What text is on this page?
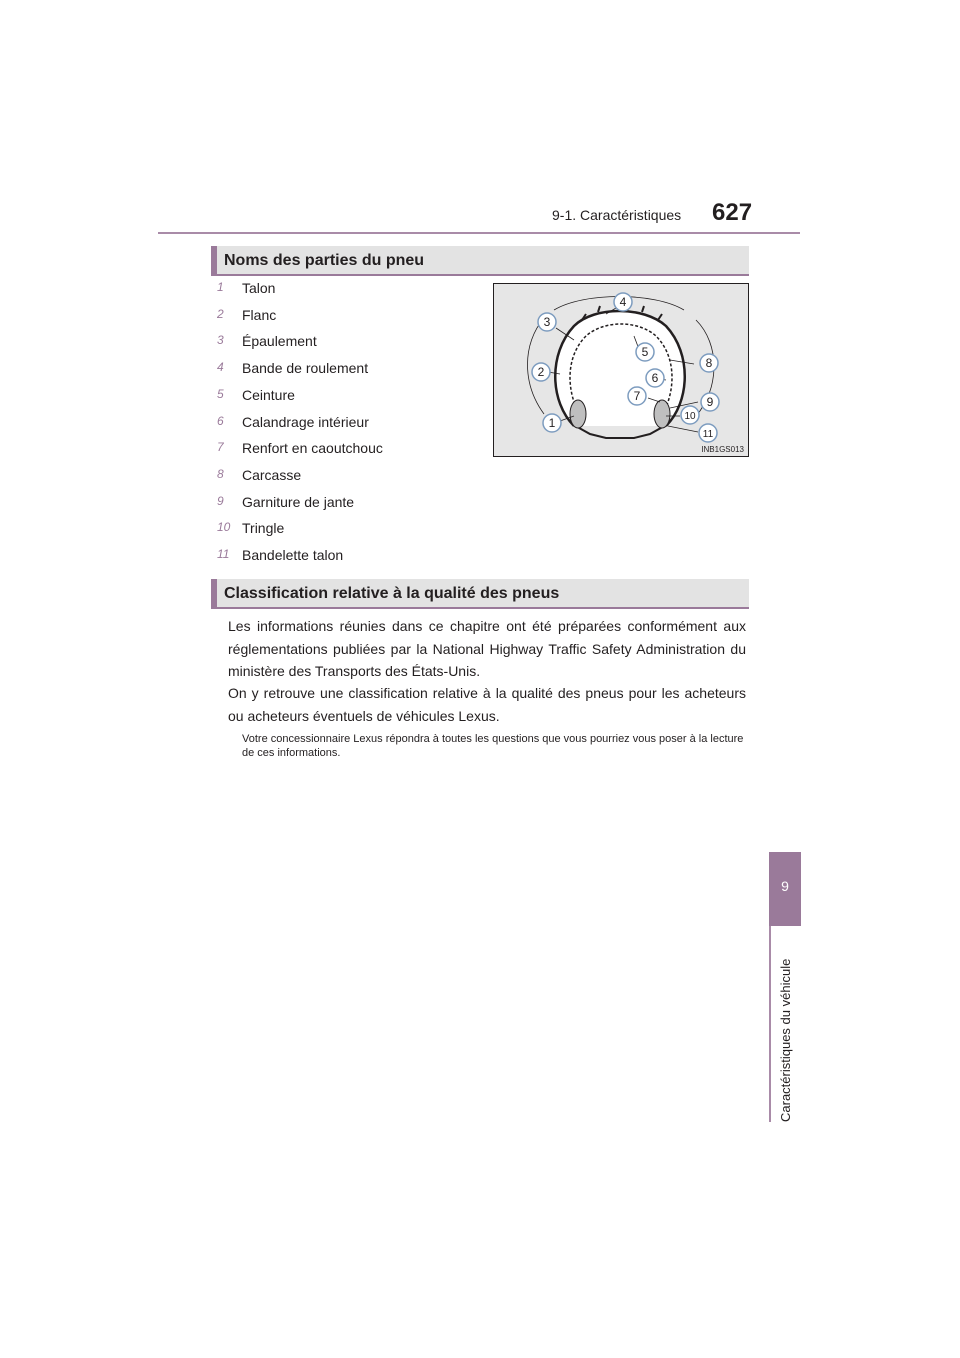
9-1. Caractéristiques 627
9
Caractéristiques du véhicule
Noms des parties du pneu
1	Talon
2	Flanc
3	Épaulement
4	Bande de roulement
5	Ceinture
6	Calandrage intérieur
7	Renfort en caoutchouc
8	Carcasse
9	Garniture de jante
10 Tringle
11 Bandelette talon
1
2
3
4
5
6
7
8
9
10
11
INB1GS013
Classification relative à la qualité des pneus
Les informations réunies dans ce chapitre ont été préparées conformément aux réglementations publiées par la National Highway Traffic Safety Administration du ministère des Transports des États-Unis.
On y retrouve une classification relative à la qualité des pneus pour les acheteurs ou acheteurs éventuels de véhicules Lexus.
Votre concessionnaire Lexus répondra à toutes les questions que vous pourriez vous poser à la lecture de ces informations.
